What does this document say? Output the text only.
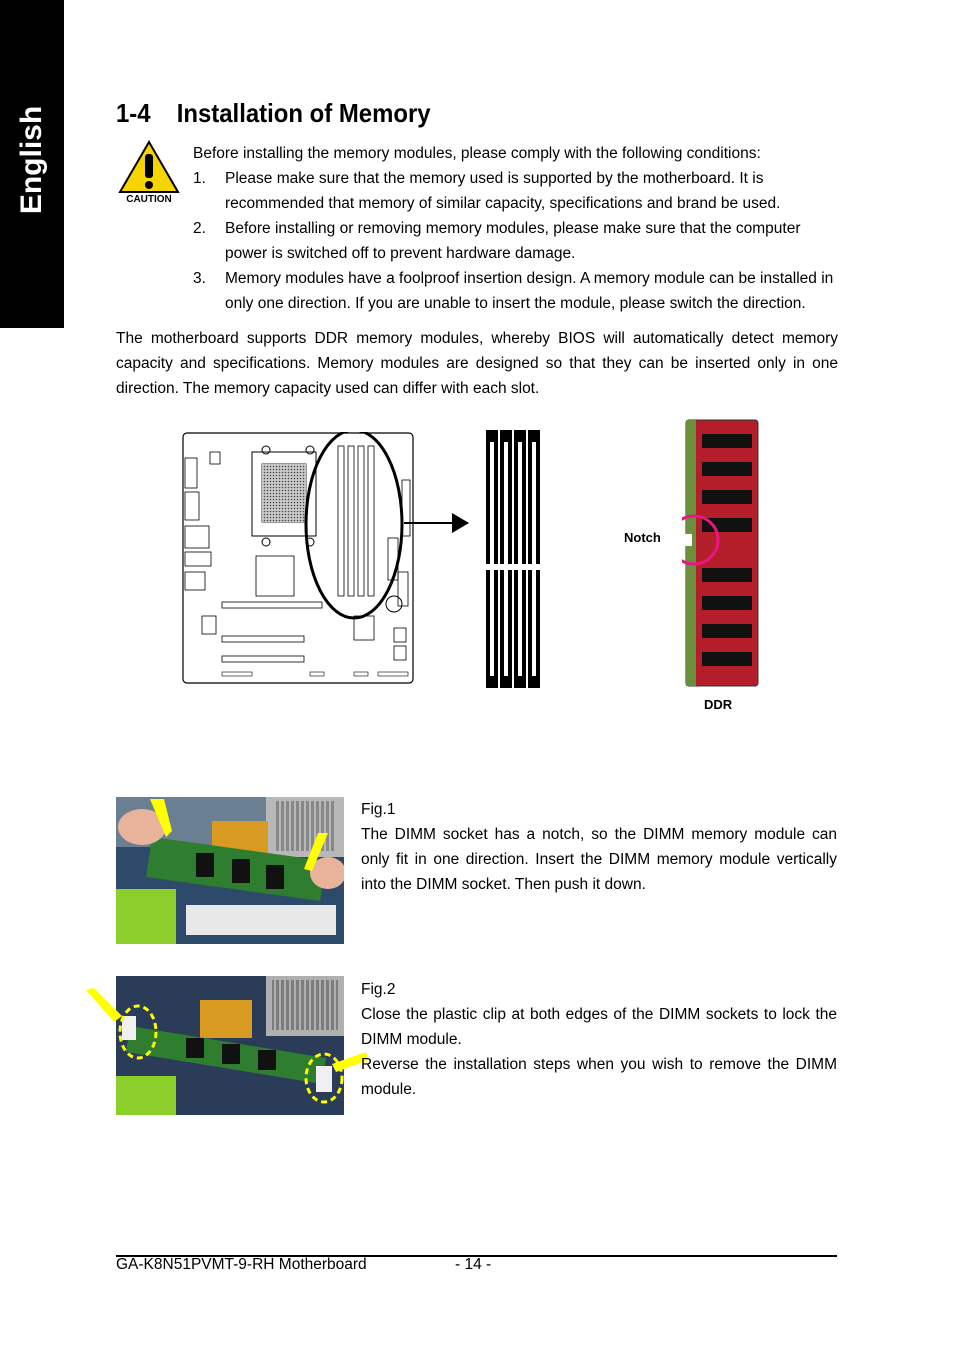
English	1-4 Installation of Memory
CAUTION
Before installing the memory modules, please comply with the following conditions:
1. Please make sure that the memory used is supported by the motherboard. It is recommended that memory of similar capacity, specifications and brand be used.
2. Before installing or removing memory modules, please make sure that the computer power is switched off to prevent hardware damage.
3. Memory modules have a foolproof insertion design. A memory module can be installed in only one direction. If you are unable to insert the module, please switch the direction.
The motherboard supports DDR memory modules, whereby BIOS will automatically detect memory capacity and specifications. Memory modules are designed so that they can be inserted only in one direction. The memory capacity used can differ with each slot.
Notch
DDR
Fig.1
The DIMM socket has a notch, so the DIMM memory module can only fit in one direction. Insert the DIMM memory module vertically into the DIMM socket. Then push it down.
Fig.2
Close the plastic clip at both edges of the DIMM sockets to lock the DIMM module.
Reverse the installation steps when you wish to remove the DIMM module.
GA-K8N51PVMT-9-RH Motherboard	- 14 -
